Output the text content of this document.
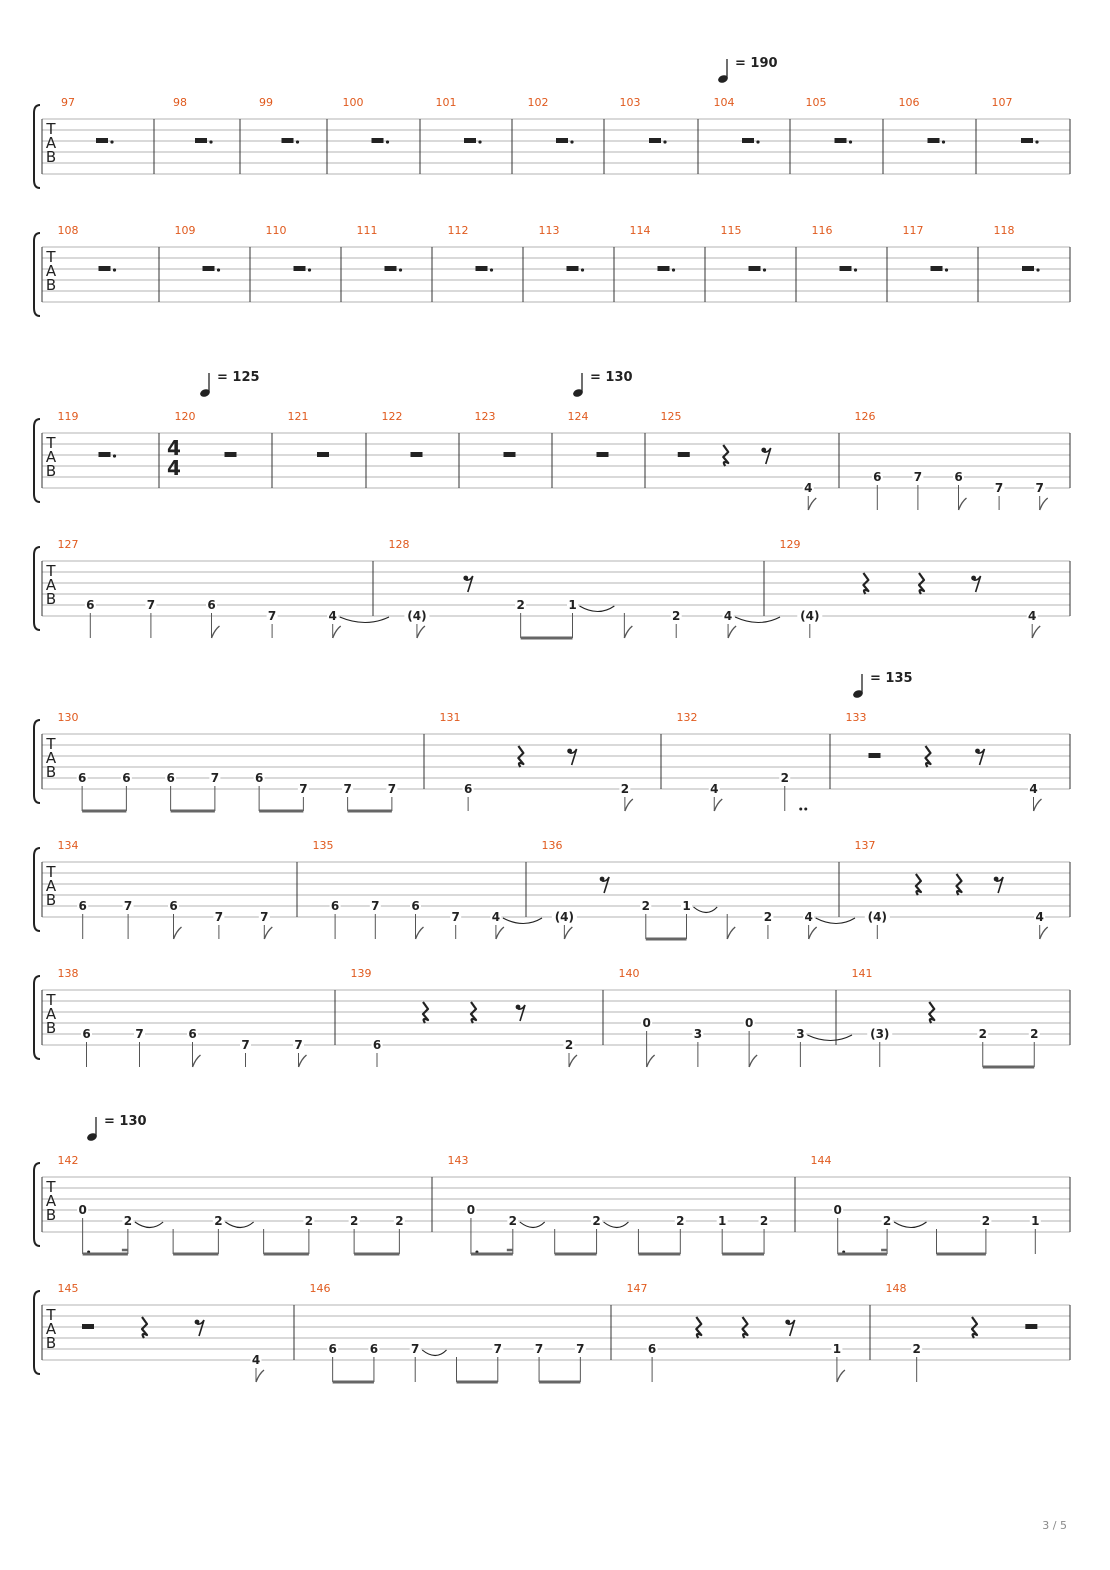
T
A
B
97	98	99	100	101	102	103	104	105	106	107
T
A
B
108	109	110	111	112	113	114	115	116	117	118
T
A
B
119	120
4
4
121	122	123	124	125
4
126
6	7	6
7	7
T
A
B
127
6	7	6
7	4
128
(4)
2	1
2	4
129
(4)	4
T
A
B
130
6	6	6	7	6
7	7	7
131
6	2
132
4
2
133
4
T
A
B
134
6	7	6
7	7
135
6	7	6
7	4
136
(4)
2	1
2	4
137
(4)	4
T
A
B
138
6	7	6
7	7
139
6	2
140
0
3
0
3
141
(3)	2	2
T
A
B
142
0
2	2	2	2	2
143
0
2	2	2	1	2
144
0
2	2	1
T
A
B
145
4
146
6	6	7	7	7	7
147
6	1
148
2
= 190
= 125	= 130
= 135
= 130
3 / 5
